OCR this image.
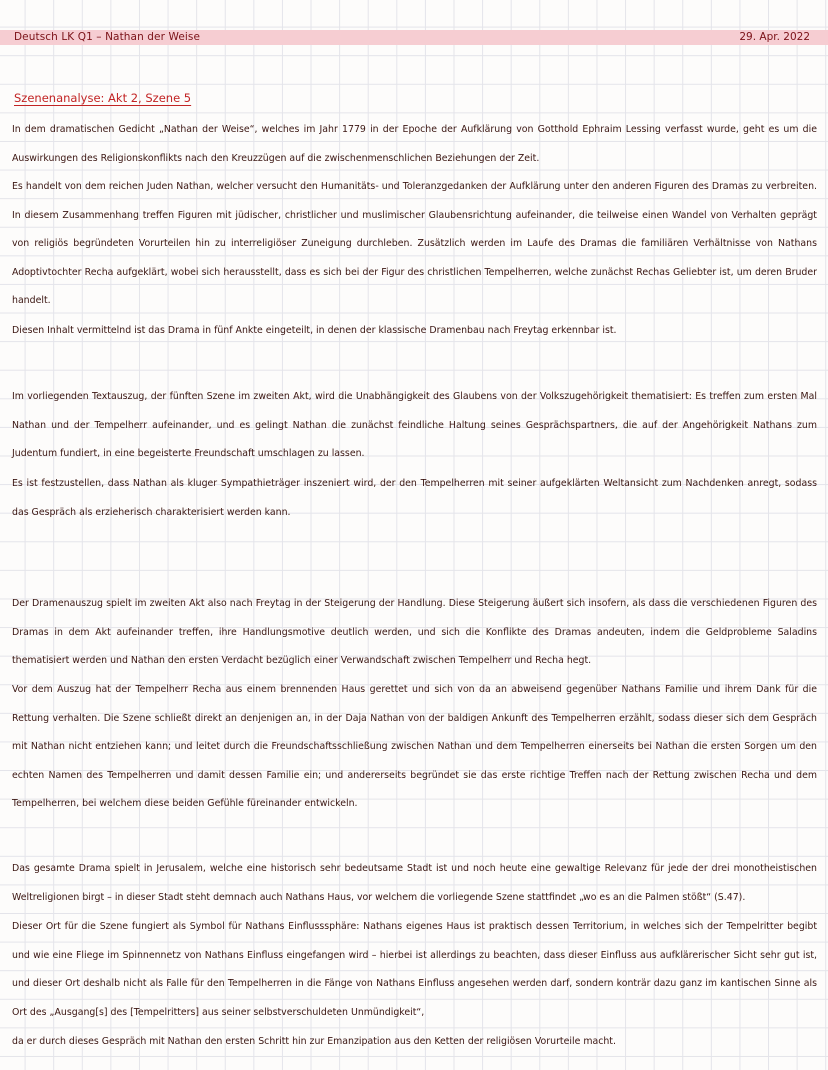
Deutsch LK Q1 – Nathan der Weise	29. Apr. 2022
Szenenanalyse: Akt 2, Szene 5

In dem dramatischen Gedicht „Nathan der Weise“, welches im Jahr 1779 in der Epoche der Aufklärung von Gotthold Ephraim Lessing verfasst wurde, geht es um die Auswirkungen des Religionskonflikts nach den Kreuzzügen auf die zwischenmenschlichen Beziehungen der Zeit.

Es handelt von dem reichen Juden Nathan, welcher versucht den Humanitäts- und Toleranzgedanken der Aufklärung unter den anderen Figuren des Dramas zu verbreiten. In diesem Zusammenhang treffen Figuren mit jüdischer, christlicher und muslimischer Glaubensrichtung aufeinander, die teilweise einen Wandel von Verhalten geprägt von religiös begründeten Vorurteilen hin zu interreligiöser Zuneigung durchleben. Zusätzlich werden im Laufe des Dramas die familiären Verhältnisse von Nathans Adoptivtochter Recha aufgeklärt, wobei sich herausstellt, dass es sich bei der Figur des christlichen Tempelherren, welche zunächst Rechas Geliebter ist, um deren Bruder handelt.

Diesen Inhalt vermittelnd ist das Drama in fünf Ankte eingeteilt, in denen der klassische Dramenbau nach Freytag erkennbar ist.

Im vorliegenden Textauszug, der fünften Szene im zweiten Akt, wird die Unabhängigkeit des Glaubens von der Volkszugehörigkeit thematisiert: Es treffen zum ersten Mal Nathan und der Tempelherr aufeinander, und es gelingt Nathan die zunächst feindliche Haltung seines Gesprächspartners, die auf der Angehörigkeit Nathans zum Judentum fundiert, in eine begeisterte Freundschaft umschlagen zu lassen.

Es ist festzustellen, dass Nathan als kluger Sympathieträger inszeniert wird, der den Tempelherren mit seiner aufgeklärten Weltansicht zum Nachdenken anregt, sodass das Gespräch als erzieherisch charakterisiert werden kann.

Der Dramenauszug spielt im zweiten Akt also nach Freytag in der Steigerung der Handlung. Diese Steigerung äußert sich insofern, als dass die verschiedenen Figuren des Dramas in dem Akt aufeinander treffen, ihre Handlungsmotive deutlich werden, und sich die Konflikte des Dramas andeuten, indem die Geldprobleme Saladins thematisiert werden und Nathan den ersten Verdacht bezüglich einer Verwandschaft zwischen Tempelherr und Recha hegt.

Vor dem Auszug hat der Tempelherr Recha aus einem brennenden Haus gerettet und sich von da an abweisend gegenüber Nathans Familie und ihrem Dank für die Rettung verhalten. Die Szene schließt direkt an denjenigen an, in der Daja Nathan von der baldigen Ankunft des Tempelherren erzählt, sodass dieser sich dem Gespräch mit Nathan nicht entziehen kann; und leitet durch die Freundschaftsschließung zwischen Nathan und dem Tempelherren einerseits bei Nathan die ersten Sorgen um den echten Namen des Tempelherren und damit dessen Familie ein; und andererseits begründet sie das erste richtige Treffen nach der Rettung zwischen Recha und dem Tempelherren, bei welchem diese beiden Gefühle füreinander entwickeln.

Das gesamte Drama spielt in Jerusalem, welche eine historisch sehr bedeutsame Stadt ist und noch heute eine gewaltige Relevanz für jede der drei monotheistischen Weltreligionen birgt – in dieser Stadt steht demnach auch Nathans Haus, vor welchem die vorliegende Szene stattfindet „wo es an die Palmen stößt“ (S.47).

Dieser Ort für die Szene fungiert als Symbol für Nathans Einflusssphäre: Nathans eigenes Haus ist praktisch dessen Territorium, in welches sich der Tempelritter begibt und wie eine Fliege im Spinnennetz von Nathans Einfluss eingefangen wird – hierbei ist allerdings zu beachten, dass dieser Einfluss aus aufklärerischer Sicht sehr gut ist, und dieser Ort deshalb nicht als Falle für den Tempelherren in die Fänge von Nathans Einfluss angesehen werden darf, sondern konträr dazu ganz im kantischen Sinne als Ort des „Ausgang[s] des [Tempelritters] aus seiner selbstverschuldeten Unmündigkeit“,

da er durch dieses Gespräch mit Nathan den ersten Schritt hin zur Emanzipation aus den Ketten der religiösen Vorurteile macht.
